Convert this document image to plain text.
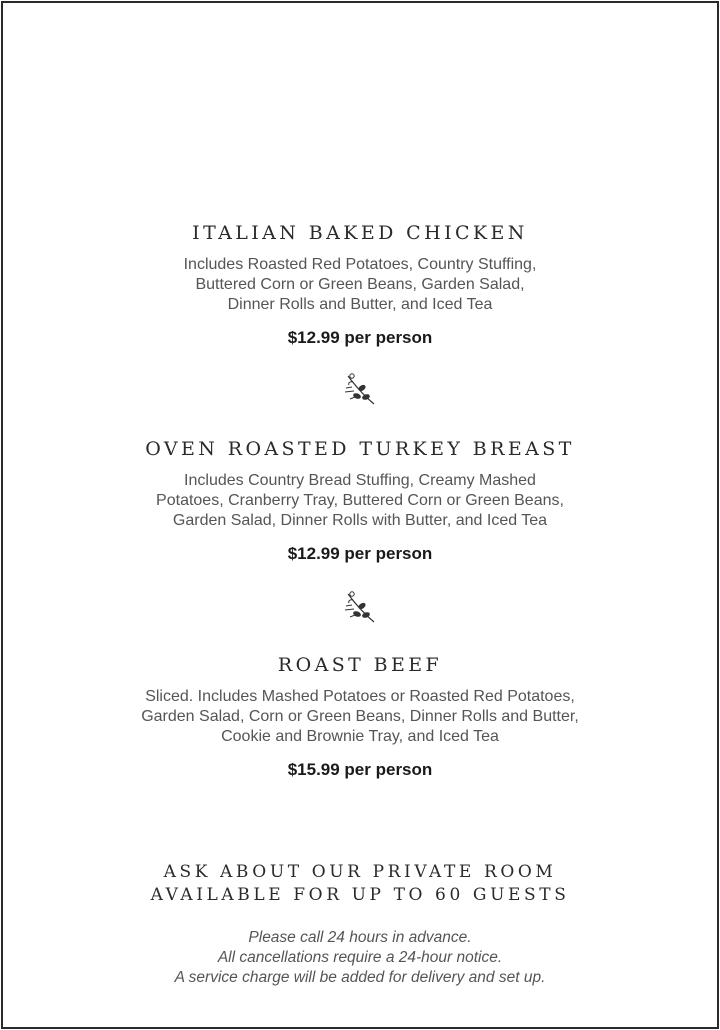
ITALIAN BAKED CHICKEN
Includes Roasted Red Potatoes, Country Stuffing,
Buttered Corn or Green Beans, Garden Salad,
Dinner Rolls and Butter, and Iced Tea
$12.99 per person
OVEN ROASTED TURKEY BREAST
Includes Country Bread Stuffing, Creamy Mashed
Potatoes, Cranberry Tray, Buttered Corn or Green Beans,
Garden Salad, Dinner Rolls with Butter, and Iced Tea
$12.99 per person
ROAST BEEF
Sliced. Includes Mashed Potatoes or Roasted Red Potatoes,
Garden Salad, Corn or Green Beans, Dinner Rolls and Butter,
Cookie and Brownie Tray, and Iced Tea
$15.99 per person
ASK ABOUT OUR PRIVATE ROOM
AVAILABLE FOR UP TO 60 GUESTS
Please call 24 hours in advance.
All cancellations require a 24-hour notice.
A service charge will be added for delivery and set up.
